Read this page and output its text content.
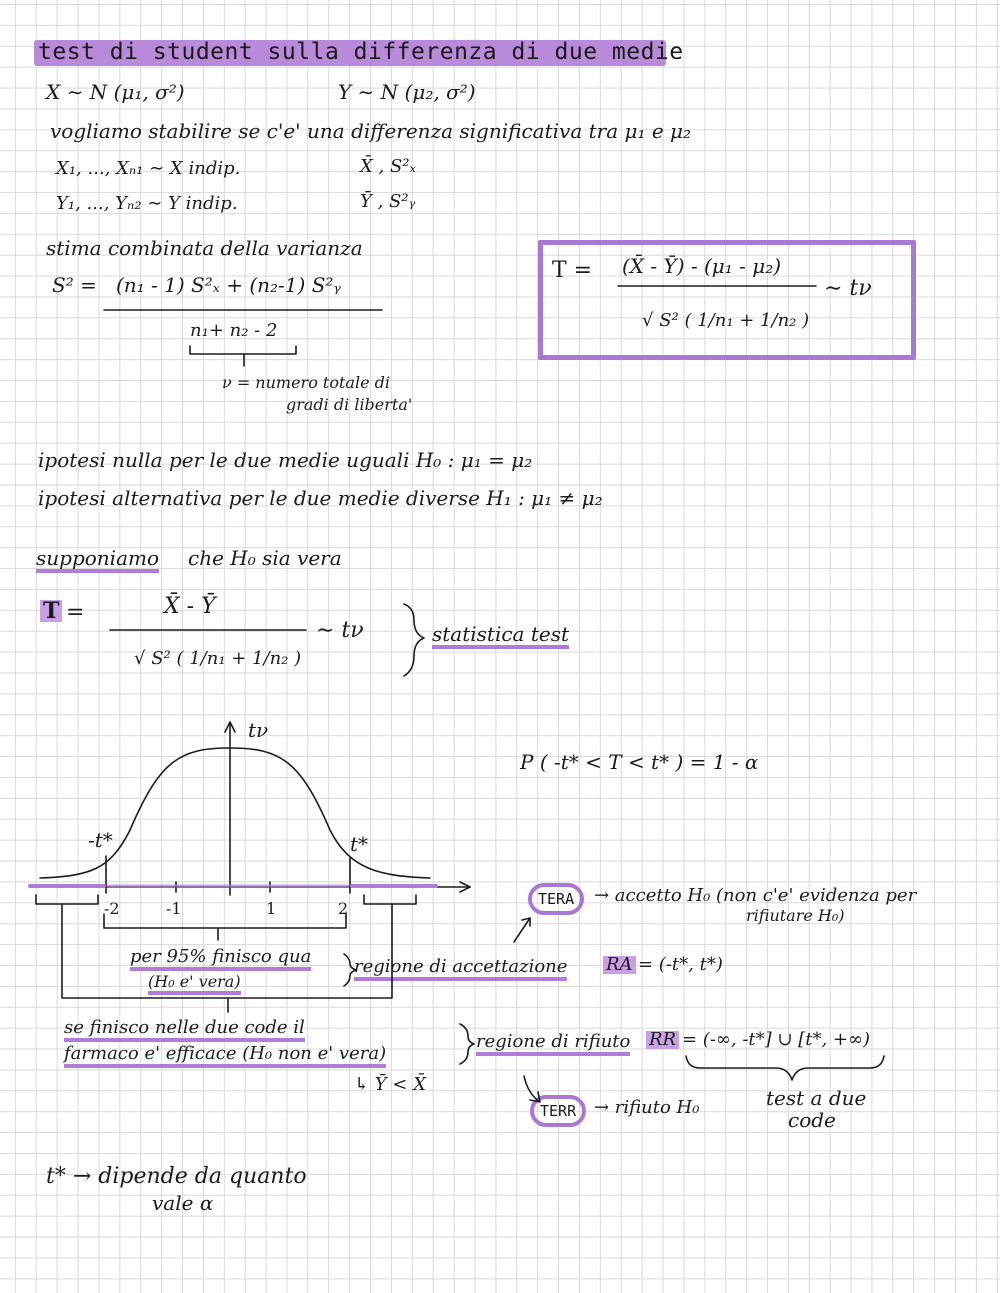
test di student sulla differenza di due medie
X ∼ N (μ₁, σ²)	Y ∼ N (μ₂, σ²)
vogliamo stabilire se c'e' una differenza significativa tra μ₁ e μ₂
X₁, ..., Xₙ₁ ∼ X indip.	X̄ , S²ₓ
Y₁, ..., Yₙ₂ ∼ Y indip.	Ȳ , S²ᵧ
stima combinata della varianza
S² = (n₁ - 1) S²ₓ + (n₂-1) S²ᵧ
n₁+ n₂ - 2
ν = numero totale di
gradi di liberta'
T = (X̄ - Ȳ) - (μ₁ - μ₂)
√ S² ( 1/n₁ + 1/n₂ )
∼ tν
ipotesi nulla per le due medie uguali H₀ : μ₁ = μ₂
ipotesi alternativa per le due medie diverse H₁ : μ₁ ≠ μ₂
supponiamo che H₀ sia vera
T =	X̄ - Ȳ
√ S² ( 1/n₁ + 1/n₂ )
∼ tν	statistica test
tν
-t*	t*
-2	-1	1	2
P ( -t* < T < t* ) = 1 - α
TERA	→ accetto H₀ (non c'e' evidenza per
rifiutare H₀)
per 95% finisco qua
(H₀ e' vera)
regione di accettazione RA = (-t*, t*)
se finisco nelle due code il
farmaco e' efficace (H₀ non e' vera)
regione di rifiuto RR = (-∞, -t*] ∪ [t*, +∞)
↳ Ȳ < X̄
TERR → rifiuto H₀	test a due
code
t* → dipende da quanto
vale α
